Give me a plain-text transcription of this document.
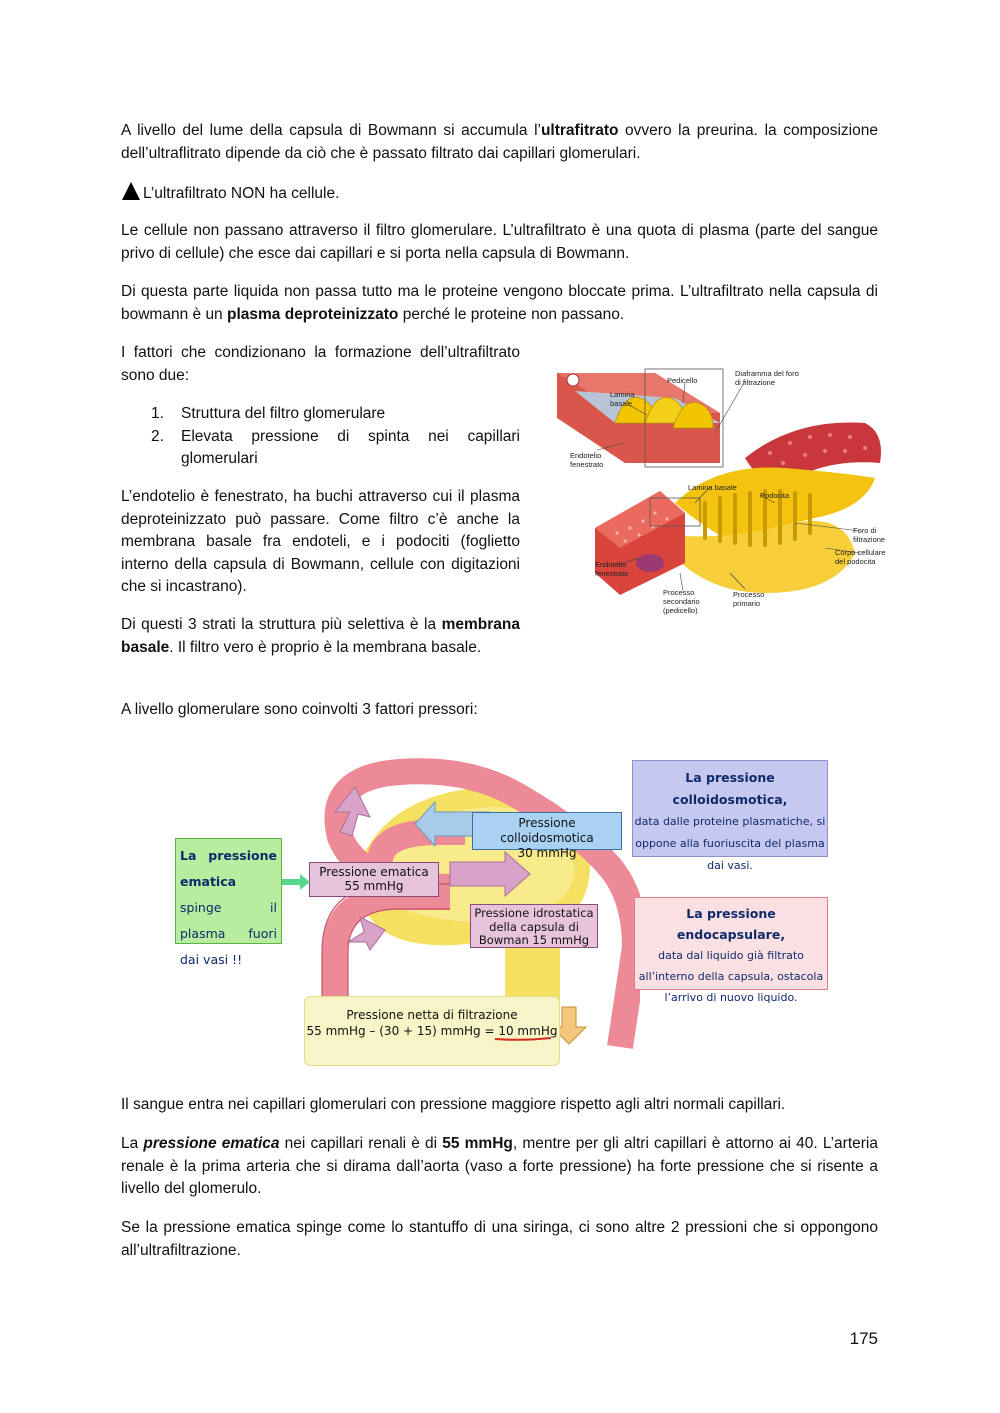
A livello del lume della capsula di Bowmann si accumula l’ultrafitrato ovvero la preurina. la composizione dell’ultraflitrato dipende da ciò che è passato filtrato dai capillari glomerulari.

L’ultrafiltrato NON ha cellule.

Le cellule non passano attraverso il filtro glomerulare. L’ultrafiltrato è una quota di plasma (parte del sangue privo di cellule) che esce dai capillari e si porta nella capsula di Bowmann.

Di questa parte liquida non passa tutto ma le proteine vengono bloccate prima. L’ultrafiltrato nella capsula di bowmann è un plasma deproteinizzato perché le proteine non passano.

I fattori che condizionano la formazione dell’ultrafiltrato sono due:

1. Struttura del filtro glomerulare
2. Elevata pressione di spinta nei capillari glomerulari

L’endotelio è fenestrato, ha buchi attraverso cui il plasma deproteinizzato può passare. Come filtro c’è anche la membrana basale fra endoteli, e i podociti (foglietto interno della capsula di Bowmann, cellule con digitazioni che si incastrano).

Di questi 3 strati la struttura più selettiva è la membrana basale. Il filtro vero è proprio è la membrana basale.

A livello glomerulare sono coinvolti 3 fattori pressori:

Pedicello
Diaframma del foro
di filtrazione
Lamina
basale
Endotelio
fenestrato
Lamina basale
Podocita
Foro di
filtrazione
Corpo cellulare
del podocita
Endotelio
fenestrato
Processo
secondario
(pedicello)
Processo
primario
Pressione colloidosmotica
30 mmHg
Pressione ematica
55 mmHg
Pressione idrostatica
della capsula di
Bowman 15 mmHg
Pressione netta di filtrazione
55 mmHg – (30 + 15) mmHg = 10 mmHg
La pressione ematica spinge il plasma fuori dai vasi !!
La pressione colloidosmotica,
data dalle proteine plasmatiche, si oppone alla fuoriuscita del plasma dai vasi.
La pressione endocapsulare,
data dal liquido già filtrato all’interno della capsula, ostacola l’arrivo di nuovo liquido.

Il sangue entra nei capillari glomerulari con pressione maggiore rispetto agli altri normali capillari.

La pressione ematica nei capillari renali è di 55 mmHg, mentre per gli altri capillari è attorno ai 40. L’arteria renale è la prima arteria che si dirama dall’aorta (vaso a forte pressione) ha forte pressione che si risente a livello del glomerulo.

Se la pressione ematica spinge come lo stantuffo di una siringa, ci sono altre 2 pressioni che si oppongono all’ultrafiltrazione.

175
